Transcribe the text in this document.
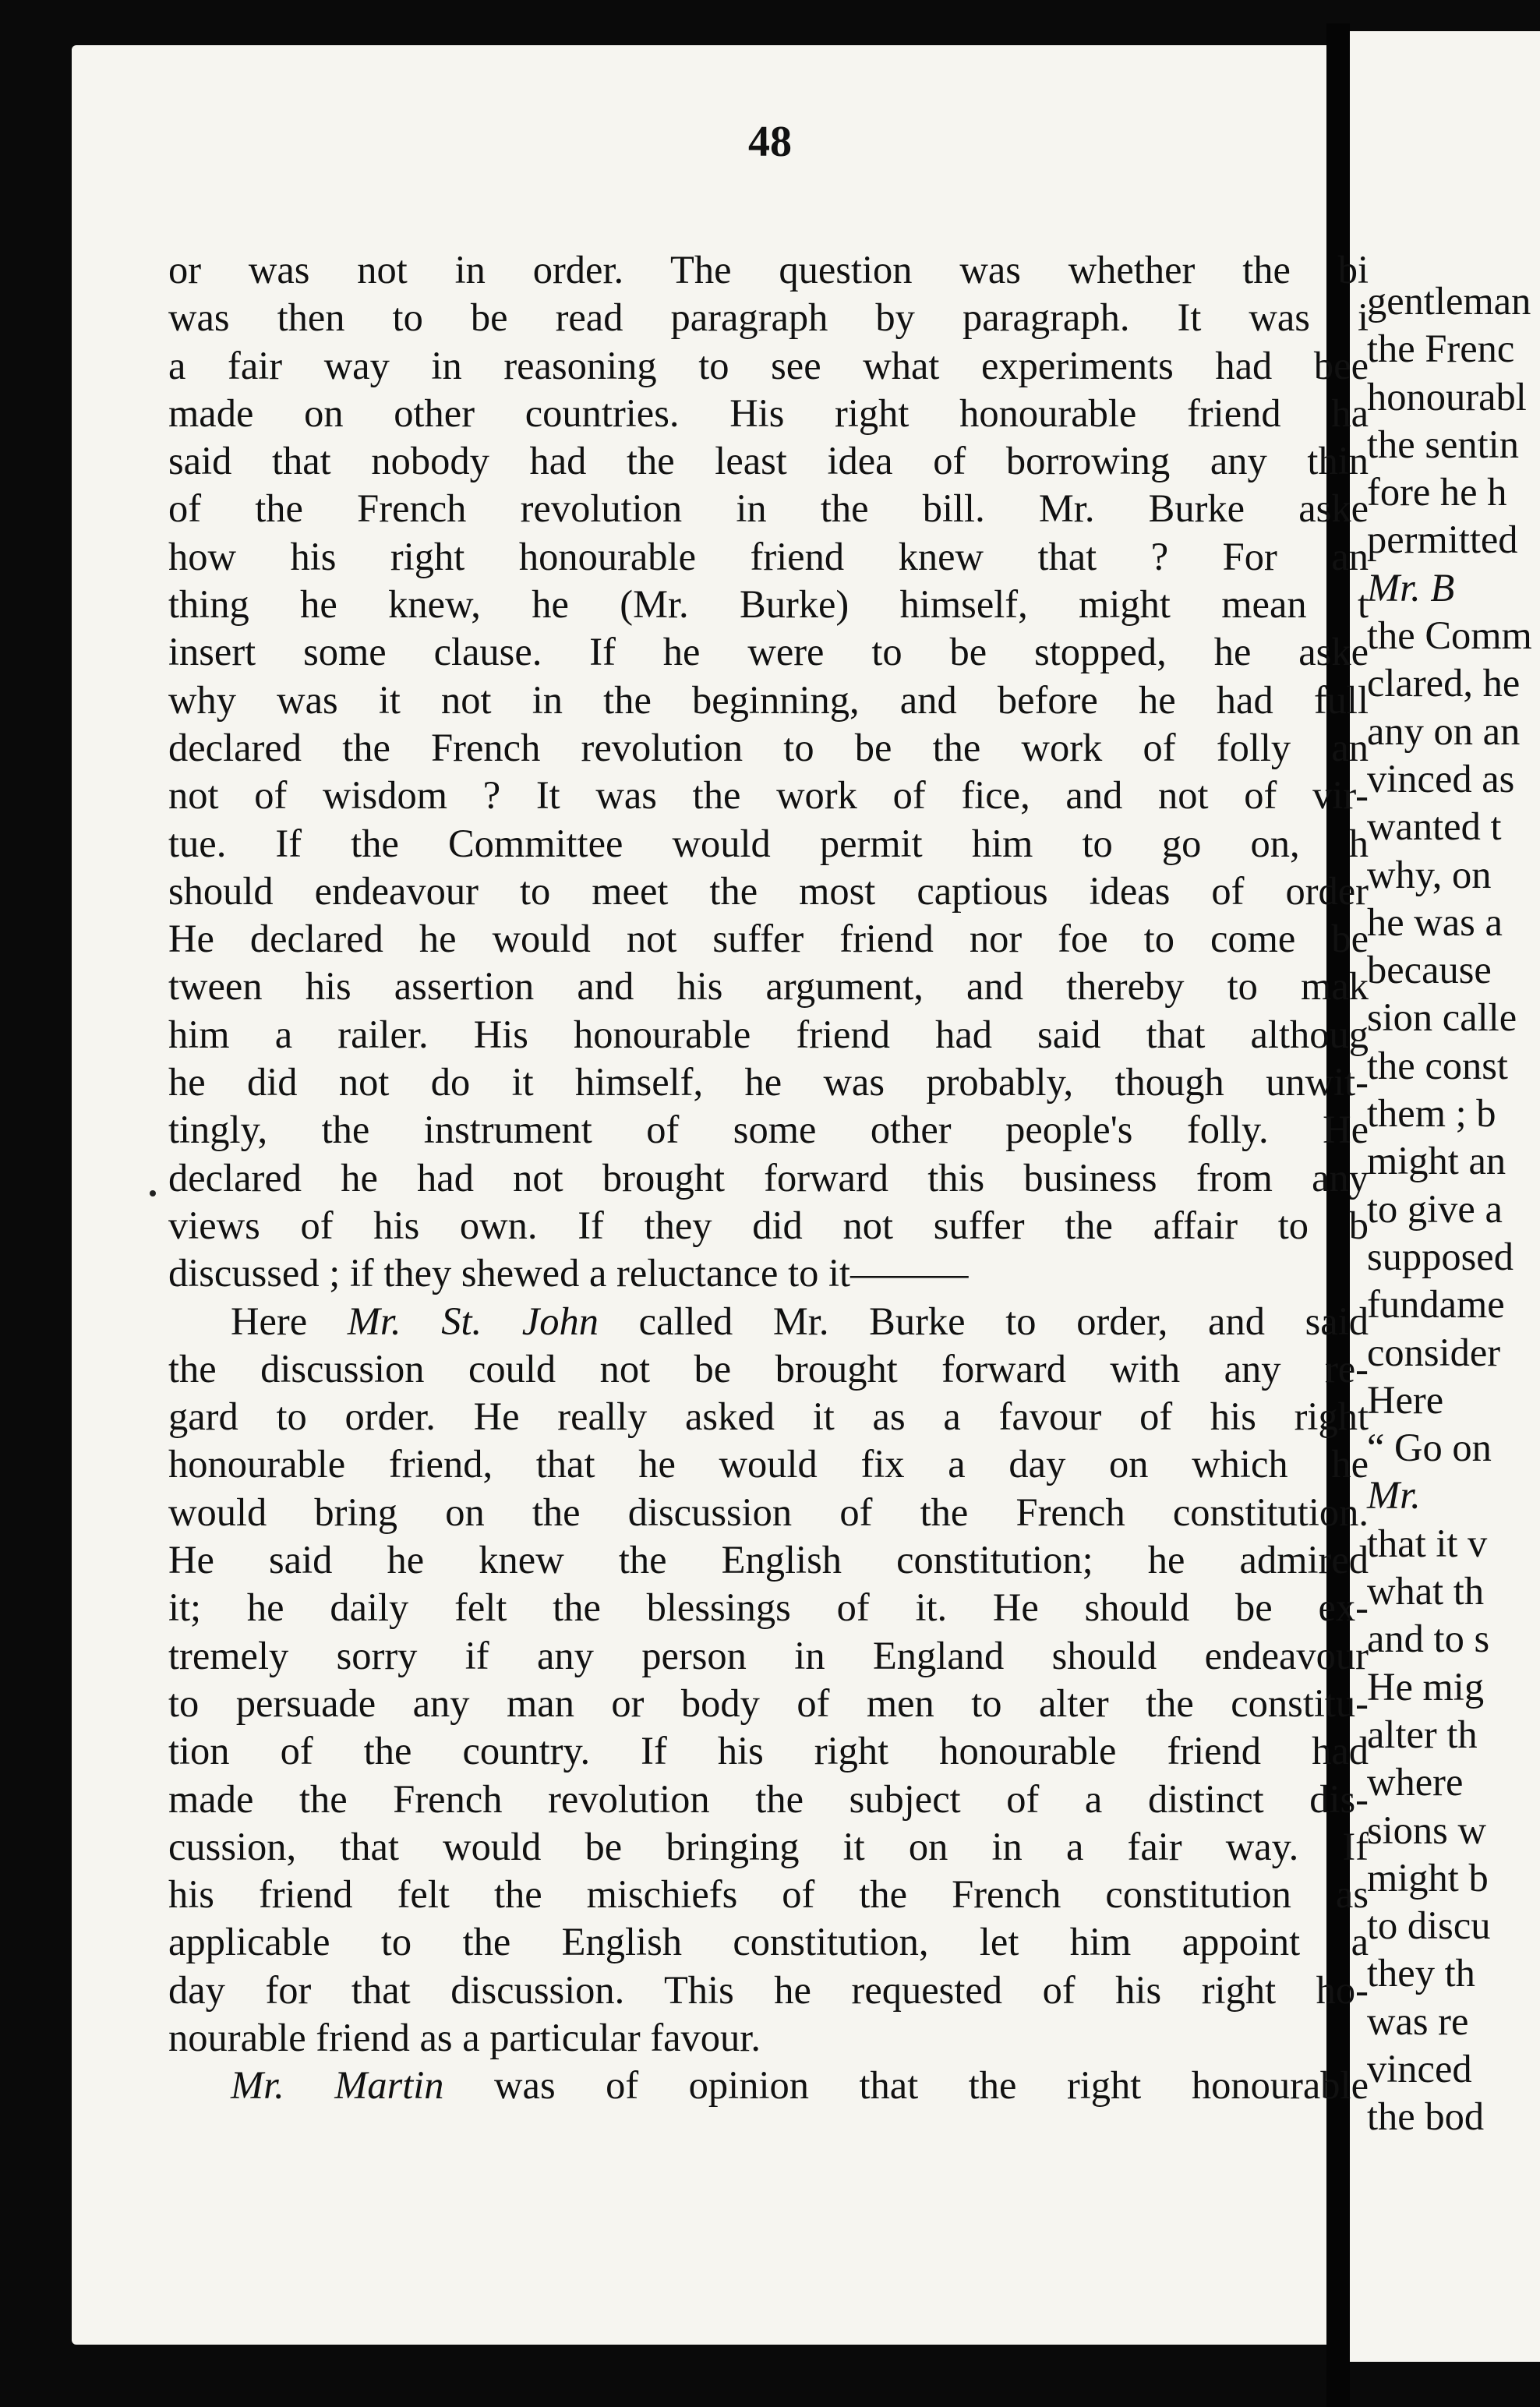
gentleman
the Frenc
honourabl
the sentin
fore he h
permitted
Mr. B
the Comm
clared, he
any on an
vinced as
wanted t
why, on
he was a
because
sion calle
the const
them ; b
might an
to give a
supposed
fundame
consider
Here
“ Go on
Mr.
that it v
what th
and to s
He mig
alter th
where
sions w
might b
to discu
they th
was re
vinced
the bod
48
or was not in order. The question was whether the bi
was then to be read paragraph by paragraph. It was i
a fair way in reasoning to see what experiments had bee
made on other countries. His right honourable friend ha
said that nobody had the least idea of borrowing any thin
of the French revolution in the bill. Mr. Burke aske
how his right honourable friend knew that ? For an
thing he knew, he (Mr. Burke) himself, might mean t
insert some clause. If he were to be stopped, he aske
why was it not in the beginning, and before he had full
declared the French revolution to be the work of folly an
not of wisdom ? It was the work of fice, and not of vir-
tue. If the Committee would permit him to go on, h
should endeavour to meet the most captious ideas of order
He declared he would not suffer friend nor foe to come be
tween his assertion and his argument, and thereby to mak
him a railer. His honourable friend had said that althoug
he did not do it himself, he was probably, though unwit-
tingly, the instrument of some other people's folly. He
declared he had not brought forward this business from any
views of his own. If they did not suffer the affair to b
discussed ; if they shewed a reluctance to it———
Here Mr. St. John called Mr. Burke to order, and said
the discussion could not be brought forward with any re-
gard to order. He really asked it as a favour of his right
honourable friend, that he would fix a day on which he
would bring on the discussion of the French constitution.
He said he knew the English constitution; he admired
it; he daily felt the blessings of it. He should be ex-
tremely sorry if any person in England should endeavour
to persuade any man or body of men to alter the constitu-
tion of the country. If his right honourable friend had
made the French revolution the subject of a distinct dis-
cussion, that would be bringing it on in a fair way. If
his friend felt the mischiefs of the French constitution as
applicable to the English constitution, let him appoint a
day for that discussion. This he requested of his right ho-
nourable friend as a particular favour.
Mr. Martin was of opinion that the right honourable
